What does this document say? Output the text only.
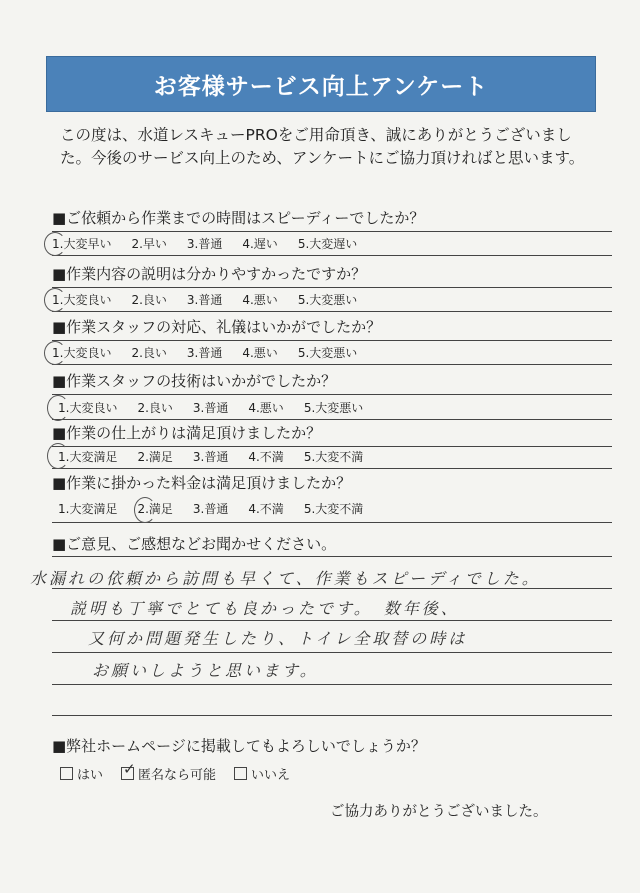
お客様サービス向上アンケート
この度は、水道レスキューPROをご用命頂き、誠にありがとうございました。今後のサービス向上のため、アンケートにご協力頂ければと思います。
■ご依頼から作業までの時間はスピーディーでしたか？
1.大変早い 2.早い 3.普通 4.遅い 5.大変遅い
■作業内容の説明は分かりやすかったですか？
1.大変良い 2.良い 3.普通 4.悪い 5.大変悪い
■作業スタッフの対応、礼儀はいかがでしたか？
1.大変良い 2.良い 3.普通 4.悪い 5.大変悪い
■作業スタッフの技術はいかがでしたか？
1.大変良い 2.良い 3.普通 4.悪い 5.大変悪い
■作業の仕上がりは満足頂けましたか？
1.大変満足 2.満足 3.普通 4.不満 5.大変不満
■作業に掛かった料金は満足頂けましたか？
1.大変満足 2.満足 3.普通 4.不満 5.大変不満
■ご意見、ご感想などお聞かせください。
水漏れの依頼から訪問も早くて、作業もスピーディでした。
説明も丁寧でとても良かったです。　数年後、
又何か問題発生したり、トイレ全取替の時は
お願いしようと思います。
■弊社ホームページに掲載してもよろしいでしょうか？
はい ✓ 匿名なら可能	いいえ
ご協力ありがとうございました。
